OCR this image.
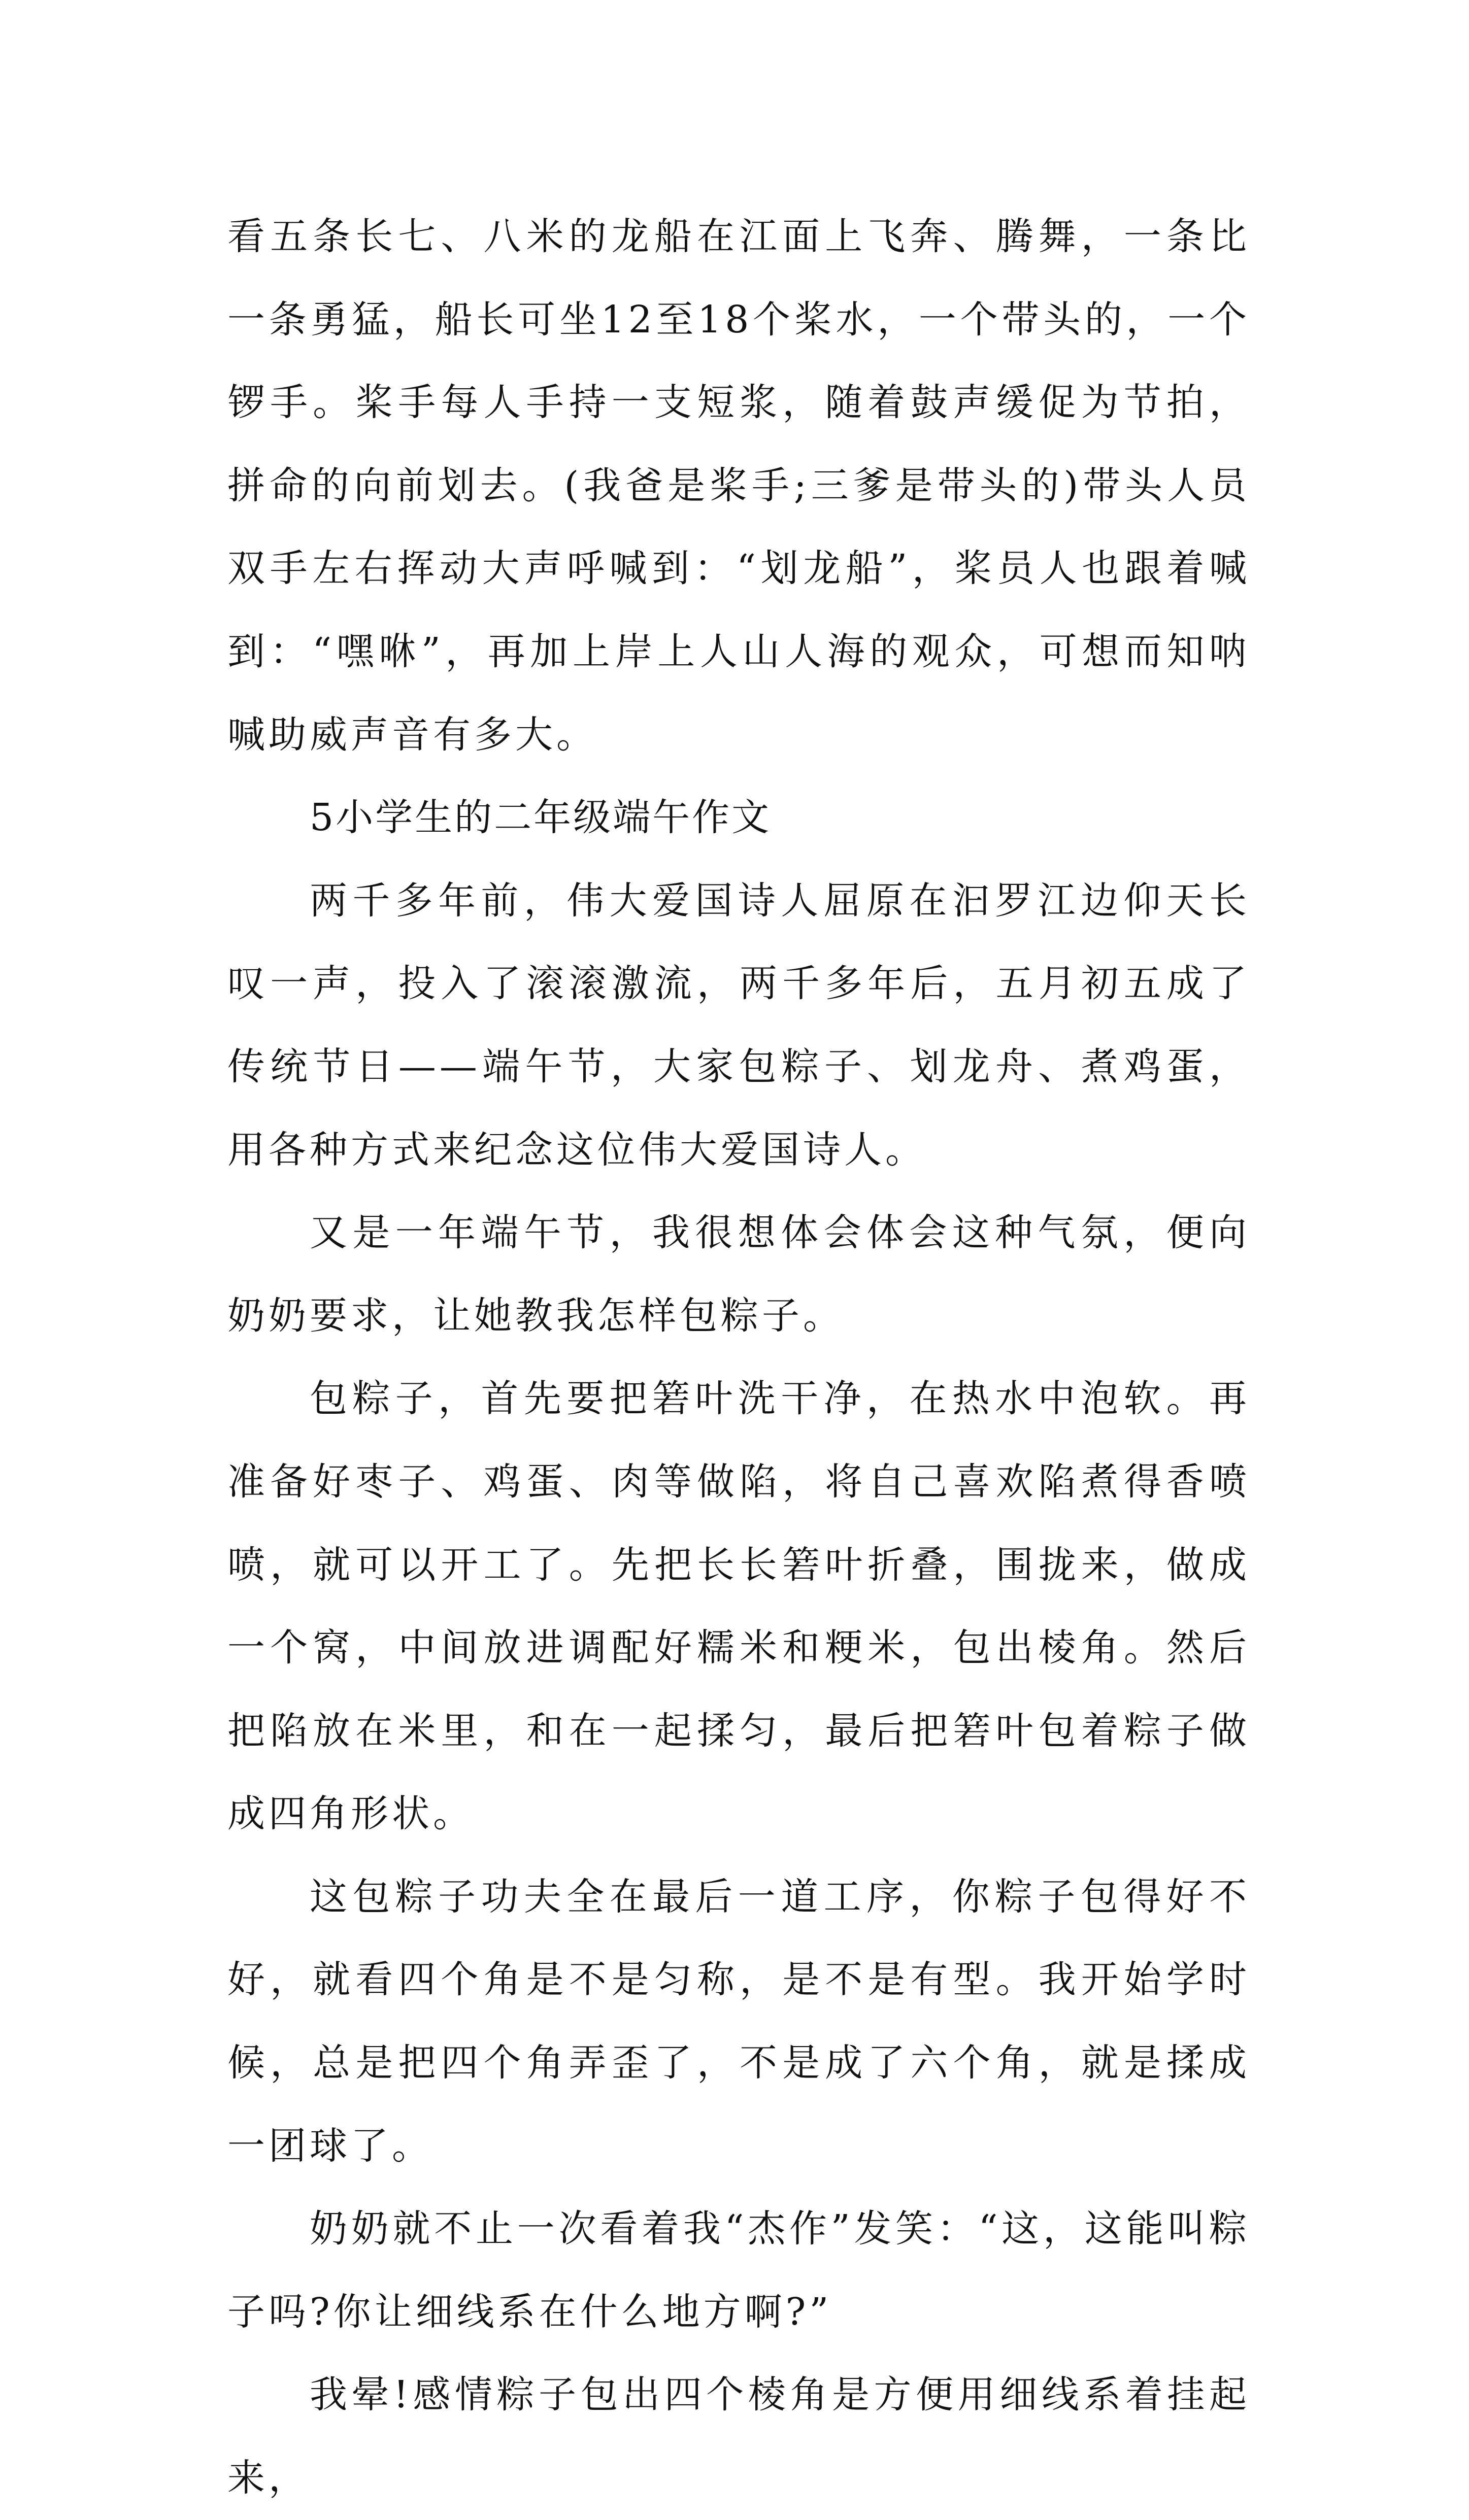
看五条长七、八米的龙船在江面上飞奔、腾舞，一条比一条勇猛，船长可坐12至18个桨水，一个带头的，一个锣手。桨手每人手持一支短浆，随着鼓声缓促为节拍，拼命的向前划去。(我爸是桨手;三爹是带头的)带头人员双手左右挥动大声呼喊到：“划龙船”，桨员人也跟着喊到：“嘿咻”，再加上岸上人山人海的观众，可想而知呐喊助威声音有多大。

5小学生的二年级端午作文

两千多年前，伟大爱国诗人屈原在汩罗江边仰天长叹一声，投入了滚滚激流，两千多年后，五月初五成了传统节日——端午节，大家包粽子、划龙舟、煮鸡蛋，用各种方式来纪念这位伟大爱国诗人。

又是一年端午节，我很想体会体会这种气氛，便向奶奶要求，让她教我怎样包粽子。

包粽子，首先要把箬叶洗干净，在热水中泡软。再准备好枣子、鸡蛋、肉等做陷，将自己喜欢陷煮得香喷喷，就可以开工了。先把长长箬叶折叠，围拢来，做成一个窝，中间放进调配好糯米和粳米，包出棱角。然后把陷放在米里，和在一起揉匀，最后把箬叶包着粽子做成四角形状。

这包粽子功夫全在最后一道工序，你粽子包得好不好，就看四个角是不是匀称，是不是有型。我开始学时候，总是把四个角弄歪了，不是成了六个角，就是揉成一团球了。

奶奶就不止一次看着我“杰作”发笑：“这，这能叫粽子吗?你让细线系在什么地方啊?”

我晕!感情粽子包出四个棱角是方便用细线系着挂起来，
